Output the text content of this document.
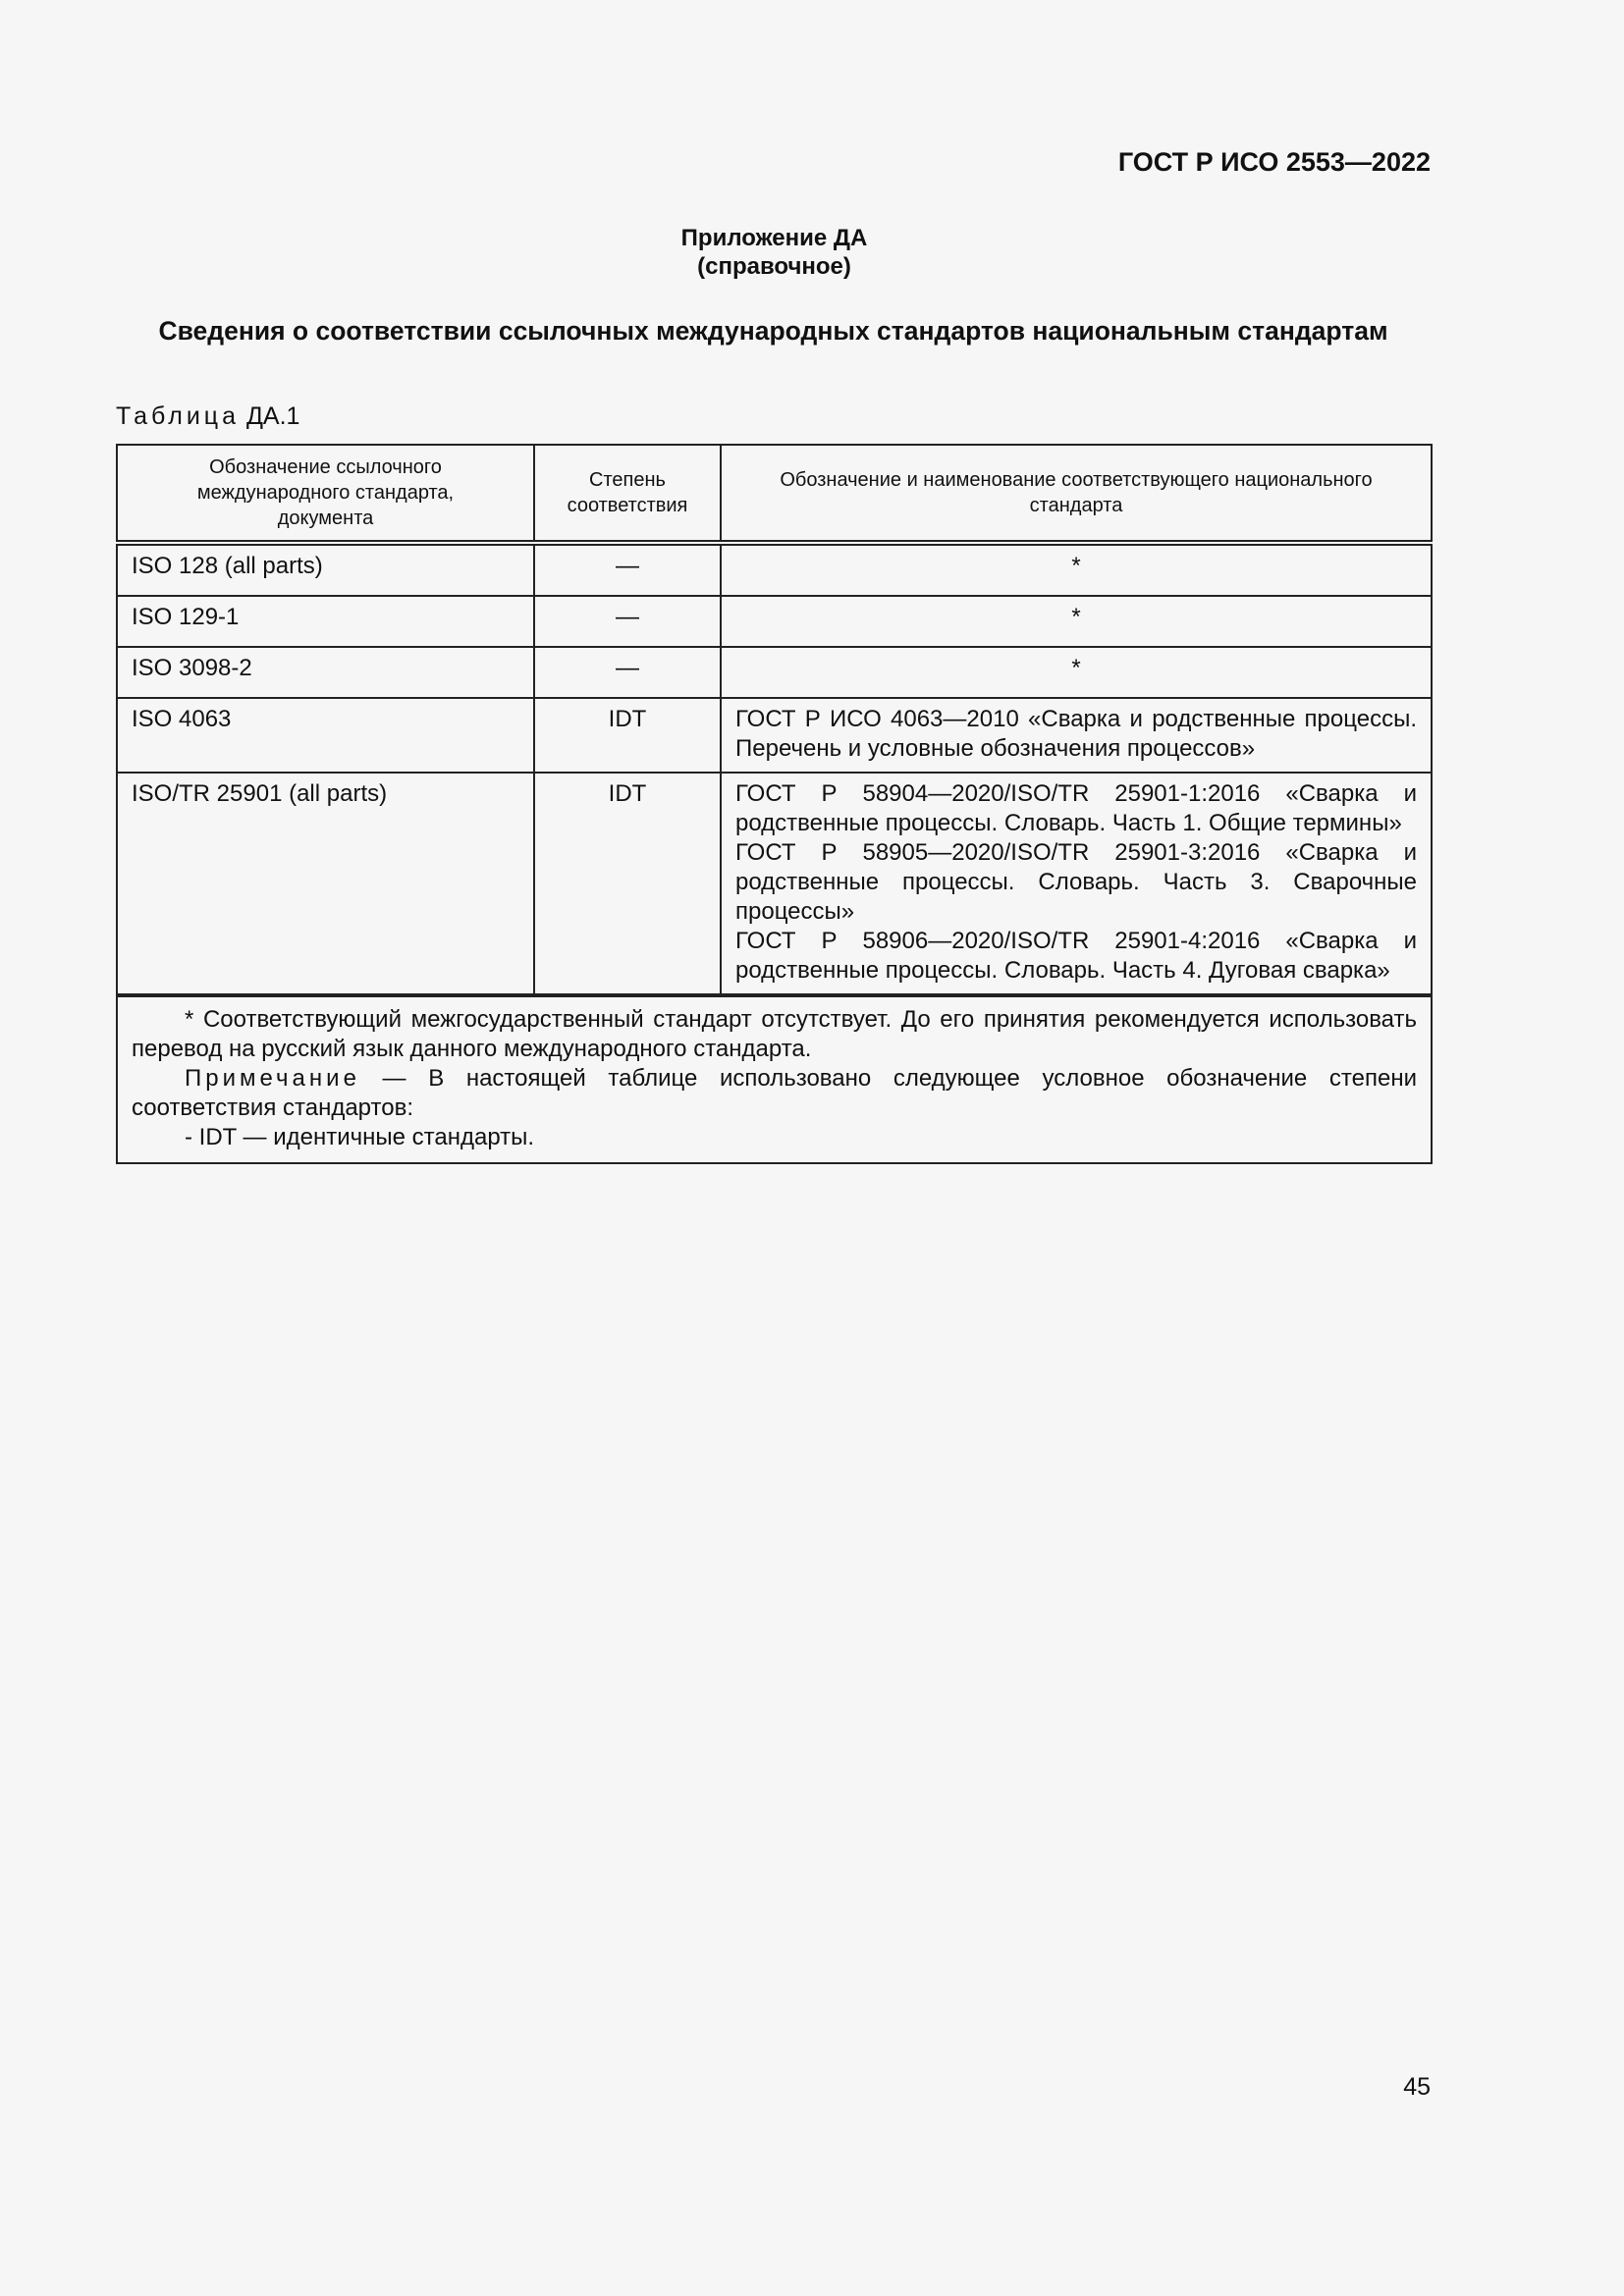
ГОСТ Р ИСО 2553—2022
Приложение ДА
(справочное)
Сведения о соответствии ссылочных международных стандартов национальным стандартам
Таблица ДА.1
Обозначение ссылочного международного стандарта, документа	Степень соответствия	Обозначение и наименование соответствующего национального стандарта
ISO 128 (all parts)	—	*
ISO 129-1	—	*
ISO 3098-2	—	*
ISO 4063	IDT	ГОСТ Р ИСО 4063—2010 «Сварка и родственные процессы. Перечень и условные обозначения процессов»
ISO/TR 25901 (all parts)	IDT	ГОСТ Р 58904—2020/ISO/TR 25901-1:2016 «Сварка и родственные процессы. Словарь. Часть 1. Общие термины»
ГОСТ Р 58905—2020/ISO/TR 25901-3:2016 «Сварка и родственные процессы. Словарь. Часть 3. Сварочные процессы»
ГОСТ Р 58906—2020/ISO/TR 25901-4:2016 «Сварка и родственные процессы. Словарь. Часть 4. Дуговая сварка»

* Соответствующий межгосударственный стандарт отсутствует. До его принятия рекомендуется использовать перевод на русский язык данного международного стандарта.
Примечание — В настоящей таблице использовано следующее условное обозначение степени соответствия стандартов:
- IDT — идентичные стандарты.		
45
